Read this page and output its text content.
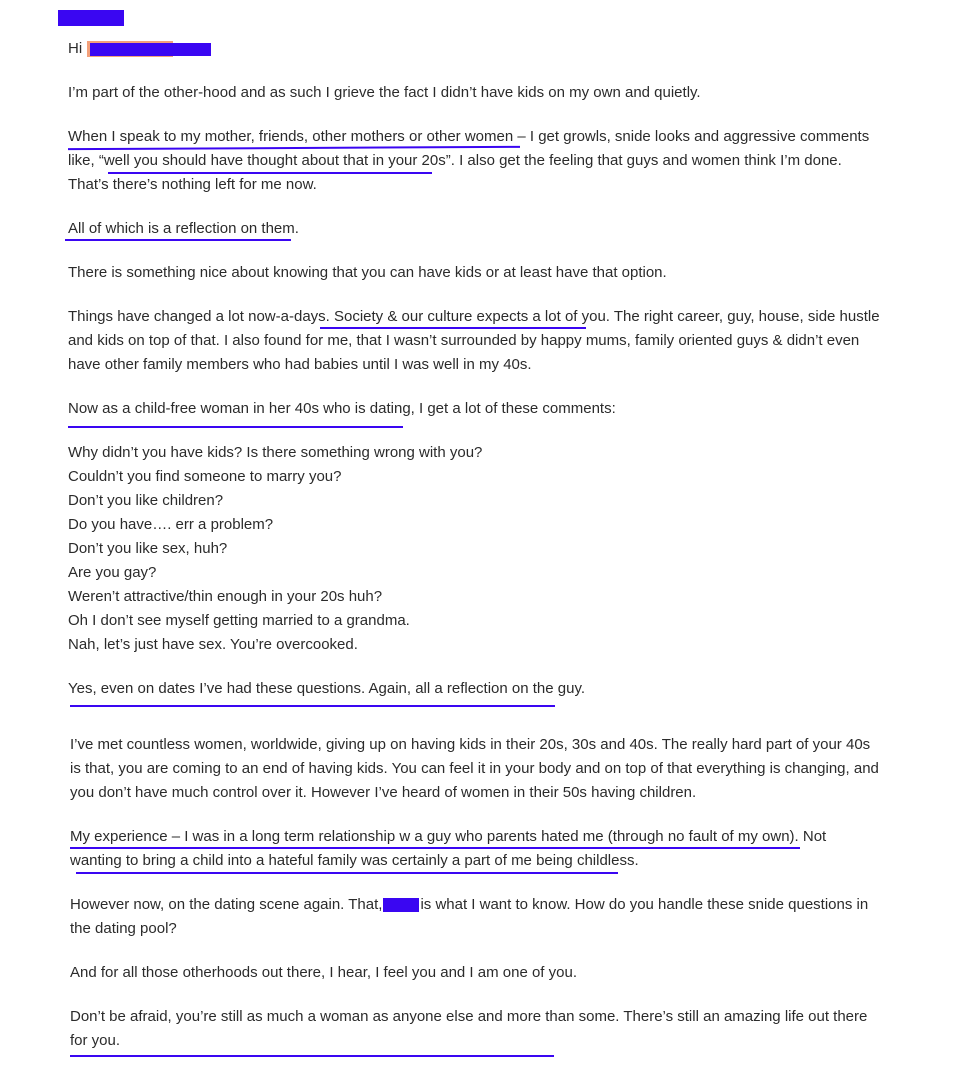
Hi
I’m part of the other-hood and as such I grieve the fact I didn’t have kids on my own and quietly.
When I speak to my mother, friends, other mothers or other women – I get growls, snide looks and aggressive comments
like, “well you should have thought about that in your 20s”. I also get the feeling that guys and women think I’m done.
That’s there’s nothing left for me now.
All of which is a reflection on them.
There is something nice about knowing that you can have kids or at least have that option.
Things have changed a lot now-a-days. Society & our culture expects a lot of you. The right career, guy, house, side hustle
and kids on top of that. I also found for me, that I wasn’t surrounded by happy mums, family oriented guys & didn’t even
have other family members who had babies until I was well in my 40s.
Now as a child-free woman in her 40s who is dating, I get a lot of these comments:
Why didn’t you have kids? Is there something wrong with you?
Couldn’t you find someone to marry you?
Don’t you like children?
Do you have…. err a problem?
Don’t you like sex, huh?
Are you gay?
Weren’t attractive/thin enough in your 20s huh?
Oh I don’t see myself getting married to a grandma.
Nah, let’s just have sex. You’re overcooked.
Yes, even on dates I’ve had these questions. Again, all a reflection on the guy.
I’ve met countless women, worldwide, giving up on having kids in their 20s, 30s and 40s. The really hard part of your 40s
is that, you are coming to an end of having kids. You can feel it in your body and on top of that everything is changing, and
you don’t have much control over it. However I’ve heard of women in their 50s having children.
My experience – I was in a long term relationship w a guy who parents hated me (through no fault of my own). Not
wanting to bring a child into a hateful family was certainly a part of me being childless.
However now, on the dating scene again. That,	is what I want to know. How do you handle these snide questions in
the dating pool?
And for all those otherhoods out there, I hear, I feel you and I am one of you.
Don’t be afraid, you’re still as much a woman as anyone else and more than some. There’s still an amazing life out there
for you.
